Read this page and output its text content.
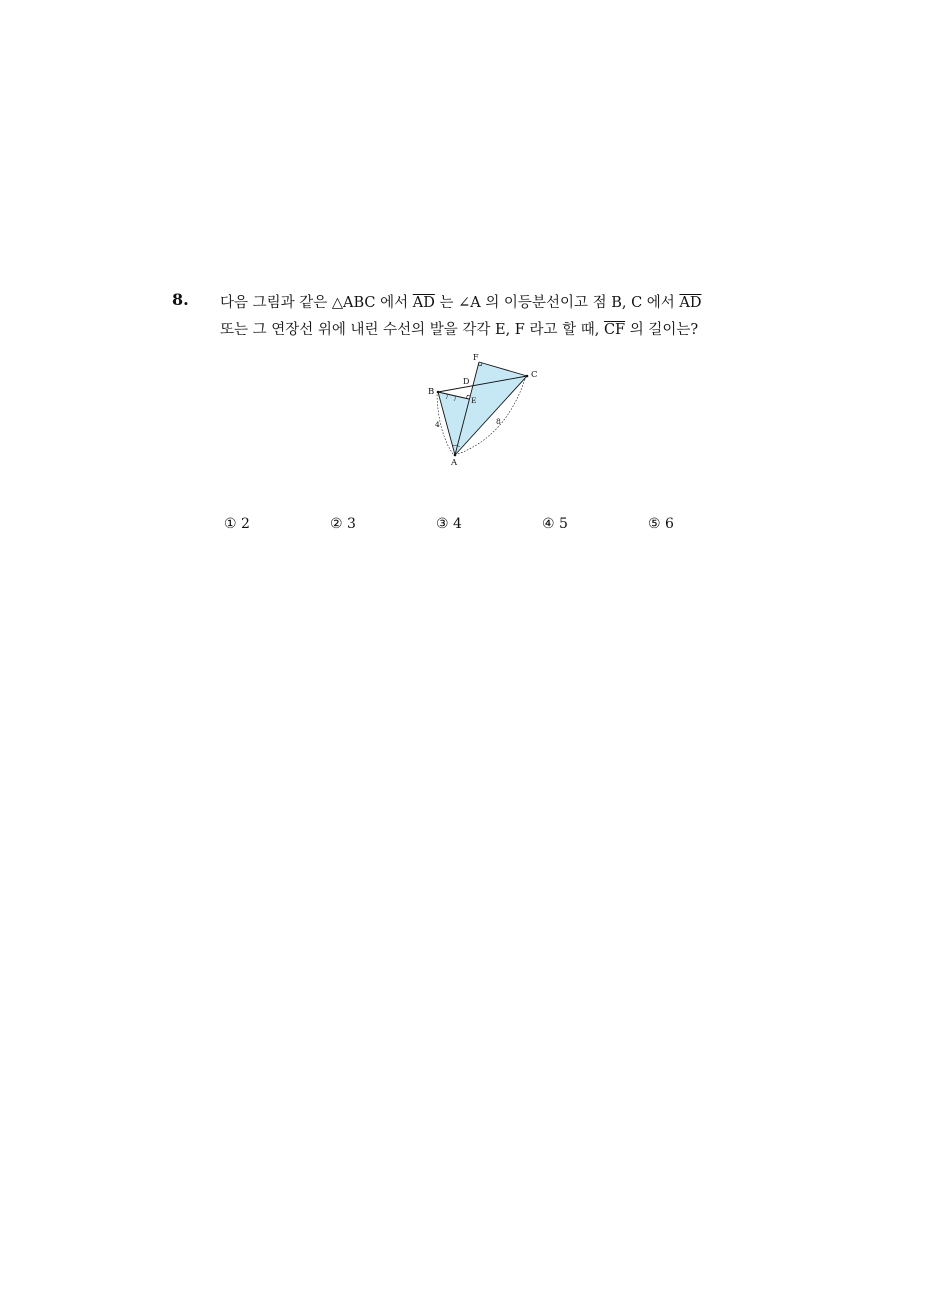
8. 다음 그림과 같은 △ABC 에서 $\overline{AD}$ 는 ∠A 의 이등분선이고 점 B, C 에서 $\overline{AD}$
또는 그 연장선 위에 내린 수선의 발을 각각 E, F 라고 할 때, $\overline{CF}$ 의 길이는?
A
B
C
D
E
F
4	8
① 2	② 3	③ 4	④ 5	⑤ 6
